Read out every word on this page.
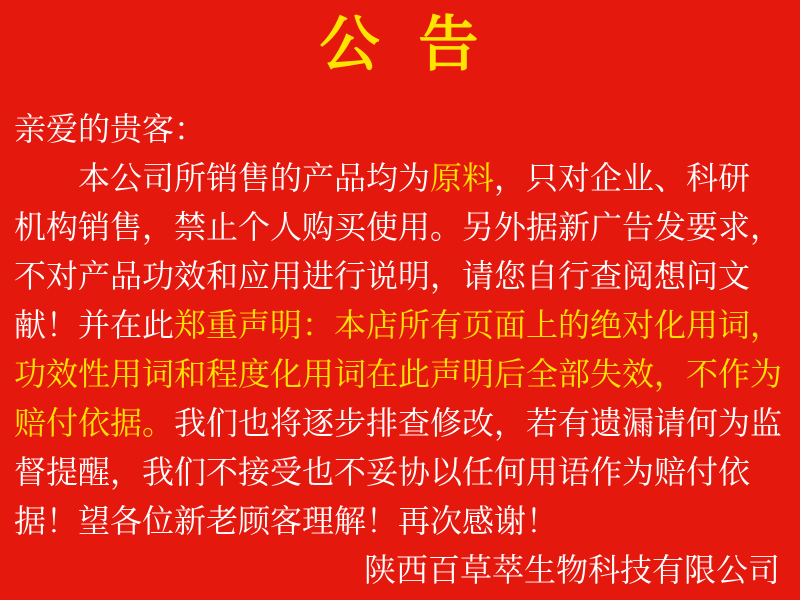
公 告
亲爱的贵客：
本公司所销售的产品均为原料，只对企业、科研
机构销售，禁止个人购买使用。另外据新广告发要求，
不对产品功效和应用进行说明，请您自行查阅想问文
献！并在此郑重声明：本店所有页面上的绝对化用词，
功效性用词和程度化用词在此声明后全部失效，不作为
赔付依据。我们也将逐步排查修改，若有遗漏请何为监
督提醒，我们不接受也不妥协以任何用语作为赔付依
据！望各位新老顾客理解！再次感谢！
陕西百草萃生物科技有限公司
